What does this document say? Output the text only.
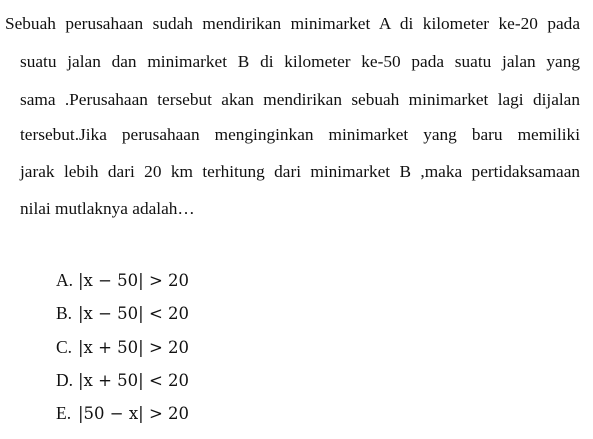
Sebuah perusahaan sudah mendirikan minimarket A di kilometer ke-20 pada
suatu jalan dan minimarket B di kilometer ke-50 pada suatu jalan yang
sama .Perusahaan tersebut akan mendirikan sebuah minimarket lagi dijalan
tersebut.Jika perusahaan menginginkan minimarket yang baru memiliki
jarak lebih dari 20 km terhitung dari minimarket B ,maka pertidaksamaan
nilai mutlaknya adalah…
A. |x − 50| > 20
B. |x − 50| < 20
C. |x + 50| > 20
D. |x + 50| < 20
E. |50 − x| > 20
